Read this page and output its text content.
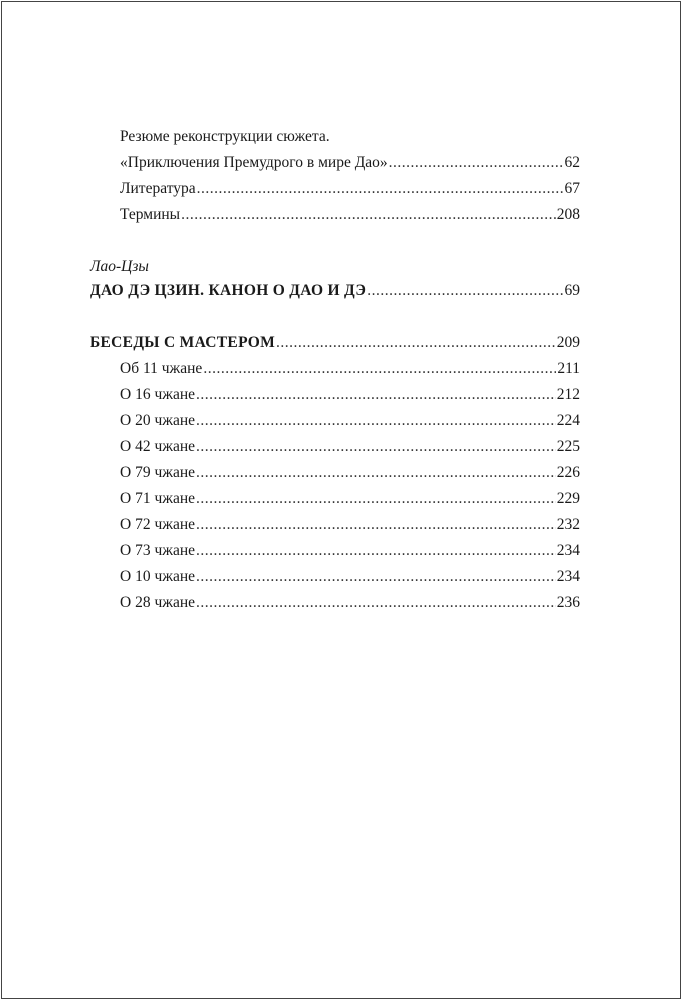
Резюме реконструкции сюжета.
«Приключения Премудрого в мире Дао» .....	62
Литература .....	67
Термины .....	208
Лао-Цзы
ДАО ДЭ ЦЗИН. КАНОН О ДАО И ДЭ .....	69
БЕСЕДЫ С МАСТЕРОМ .....	209
Об 11 чжане .....	211
О 16 чжане .....	212
О 20 чжане .....	224
О 42 чжане .....	225
О 79 чжане .....	226
О 71 чжане .....	229
О 72 чжане .....	232
О 73 чжане .....	234
О 10 чжане .....	234
О 28 чжане .....	236
